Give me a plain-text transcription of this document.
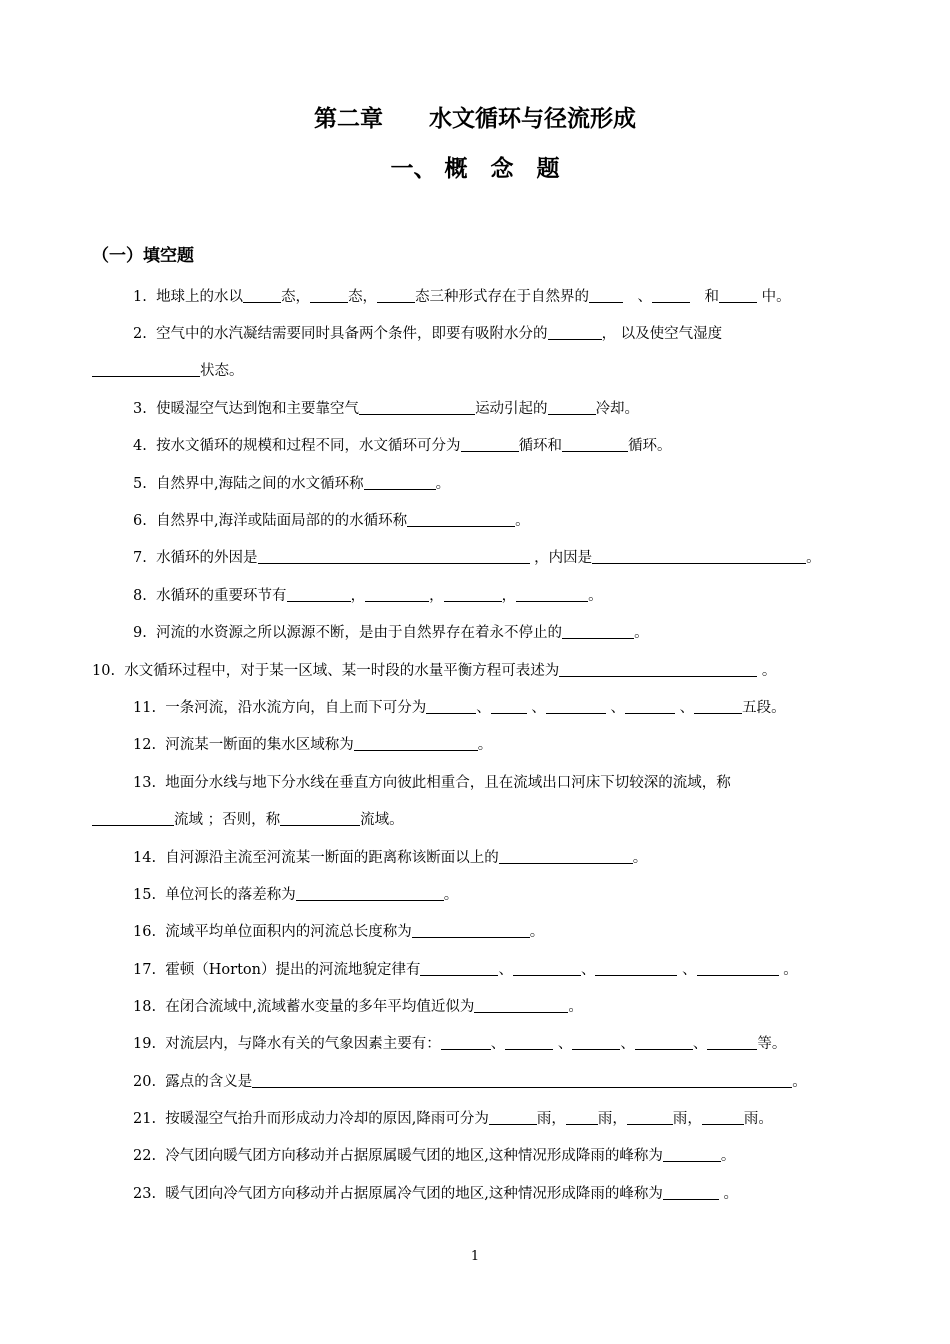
第二章　　水文循环与径流形成
一、 概　念　题
（一）填空题
1. 地球上的水以	态，	态，	态三种形式存在于自然界的　、	　和	中。
2. 空气中的水汽凝结需要同时具备两个条件，即要有吸附水分的	， 以及使空气湿度
状态。
3. 使暖湿空气达到饱和主要靠空气	运动引起的	冷却。
4. 按水文循环的规模和过程不同，水文循环可分为	循环和	循环。
5. 自然界中,海陆之间的水文循环称	。
6. 自然界中,海洋或陆面局部的的水循环称	。
7. 水循环的外因是	，内因是	。
8. 水循环的重要环节有	，	，	，	。
9. 河流的水资源之所以源源不断，是由于自然界存在着永不停止的	。
10. 水文循环过程中，对于某一区域、某一时段的水量平衡方程可表述为	。
11. 一条河流，沿水流方向，自上而下可分为	、 、	、	、	五段。
12. 河流某一断面的集水区域称为	。
13. 地面分水线与地下分水线在垂直方向彼此相重合，且在流域出口河床下切较深的流域，称
流域 ；否则，称	流域。
14. 自河源沿主流至河流某一断面的距离称该断面以上的	。
15. 单位河长的落差称为	。
16. 流域平均单位面积内的河流总长度称为	。
17. 霍顿（Horton）提出的河流地貌定律有	、	、	、	。
18. 在闭合流域中,流域蓄水变量的多年平均值近似为	。
19. 对流层内，与降水有关的气象因素主要有：	、	、	、	、	等。
20. 露点的含义是	。
21. 按暖湿空气抬升而形成动力冷却的原因,降雨可分为	雨， 雨，	雨，	雨。
22. 冷气团向暖气团方向移动并占据原属暖气团的地区,这种情况形成降雨的峰称为	。
23. 暖气团向冷气团方向移动并占据原属冷气团的地区,这种情况形成降雨的峰称为	。
1
